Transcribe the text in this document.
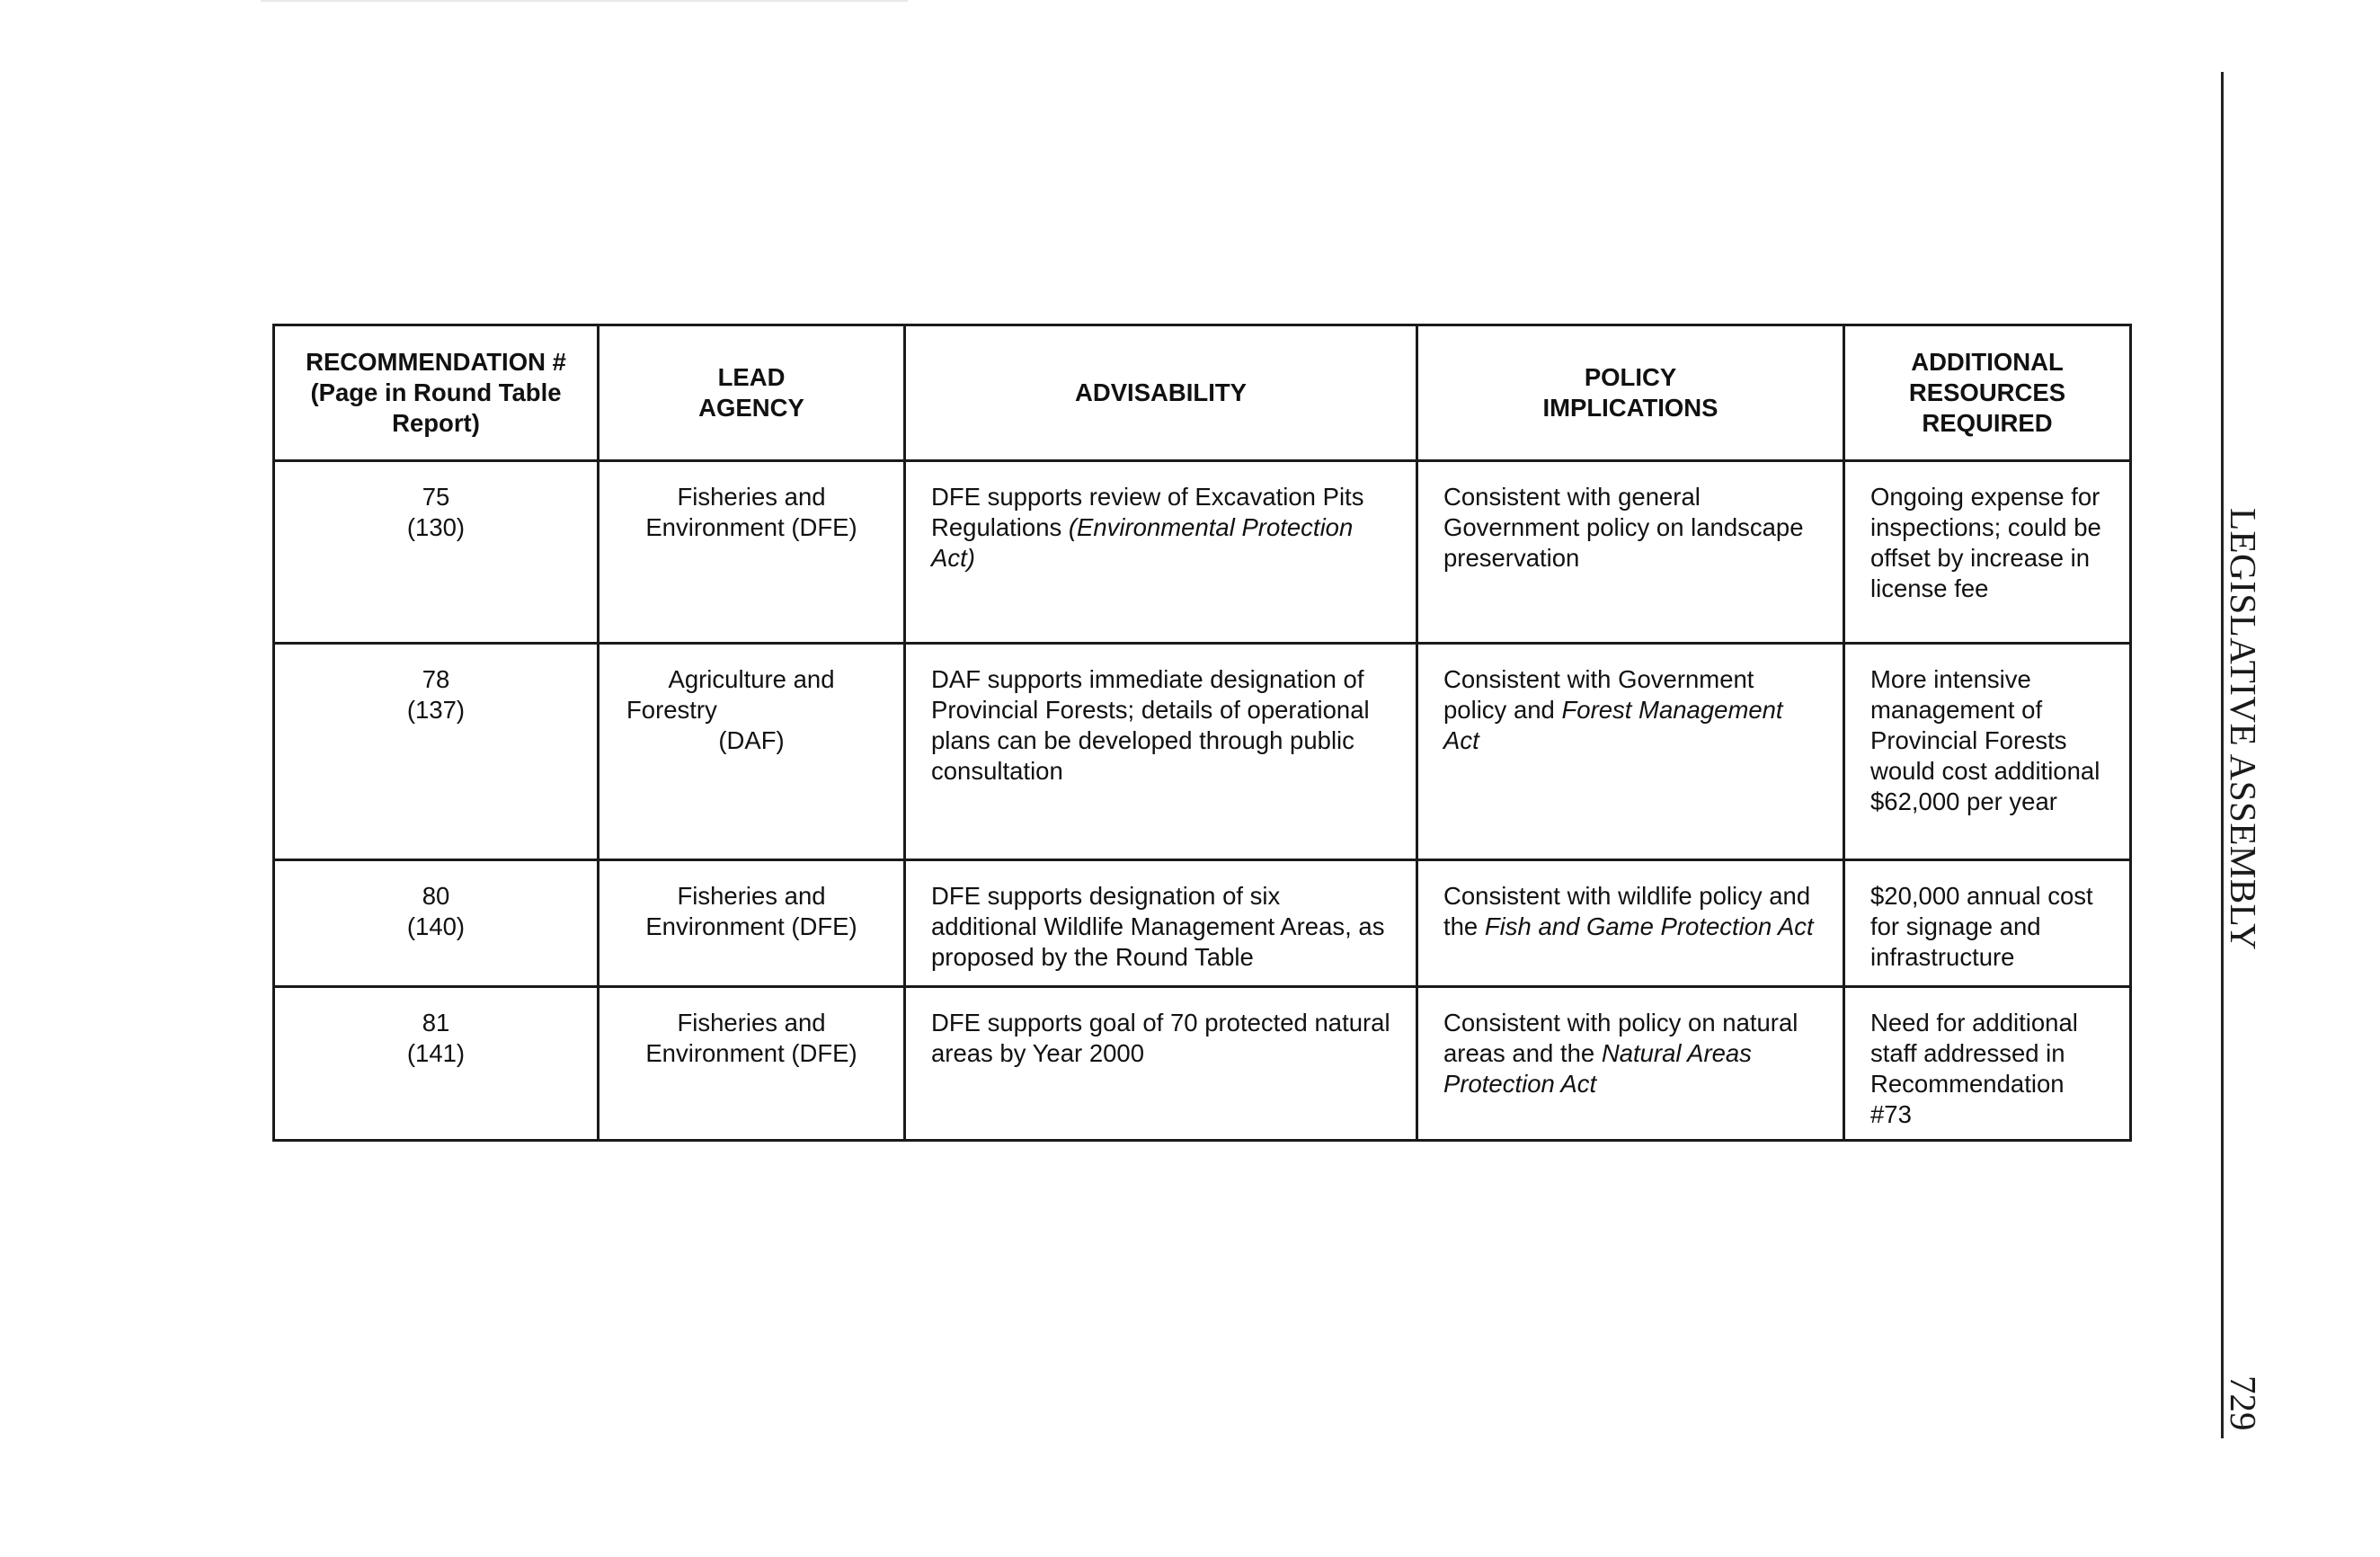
RECOMMENDATION #
(Page in Round Table
Report)	LEAD
AGENCY	ADVISABILITY	POLICY
IMPLICATIONS	ADDITIONAL
RESOURCES
REQUIRED

75
(130)	Fisheries and
Environment (DFE)	DFE supports review of Excavation Pits Regulations (Environmental Protection Act)	Consistent with general Government policy on landscape preservation	Ongoing expense for inspections; could be offset by increase in license fee

78
(137)	Agriculture and
Forestry
(DAF)	DAF supports immediate designation of Provincial Forests; details of operational plans can be developed through public consultation	Consistent with Government policy and Forest Management Act	More intensive management of Provincial Forests would cost additional $62,000 per year

80
(140)	Fisheries and
Environment (DFE)	DFE supports designation of six additional Wildlife Management Areas, as proposed by the Round Table	Consistent with wildlife policy and the Fish and Game Protection Act	$20,000 annual cost for signage and infrastructure

81
(141)	Fisheries and
Environment (DFE)	DFE supports goal of 70 protected natural areas by Year 2000	Consistent with policy on natural areas and the Natural Areas Protection Act	Need for additional staff addressed in Recommendation #73
LEGISLATIVE ASSEMBLY
729
